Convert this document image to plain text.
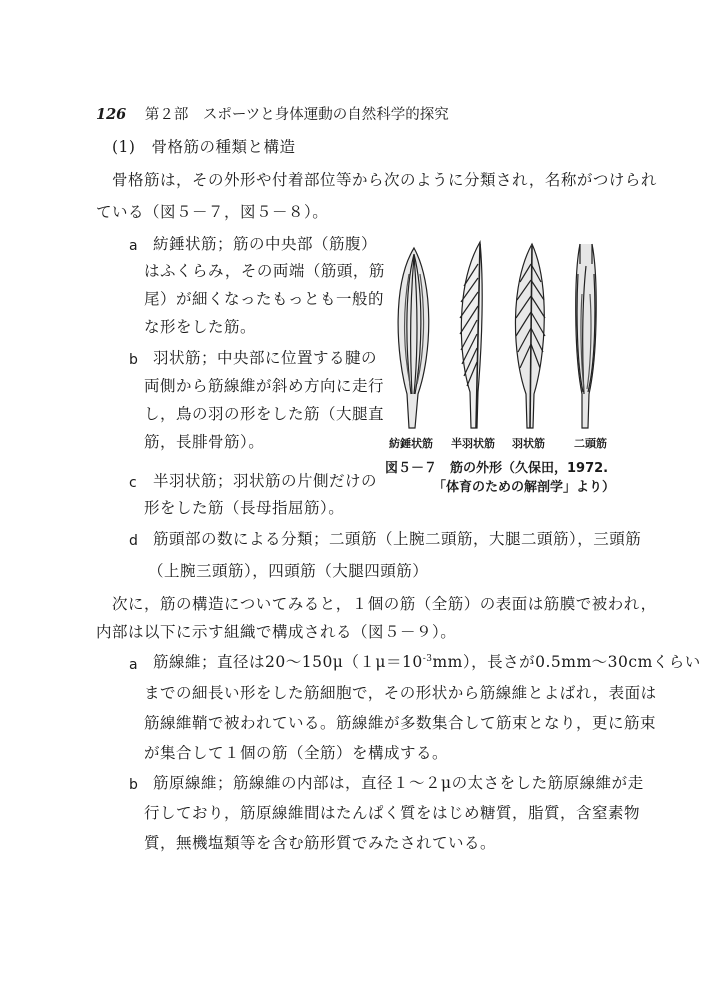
126 第２部　スポーツと身体運動の自然科学的探究
(1)　骨格筋の種類と構造
骨格筋は，その外形や付着部位等から次のように分類され，名称がつけられ
ている（図５－７，図５－８）。
a 紡錘状筋；筋の中央部（筋腹）
はふくらみ，その両端（筋頭，筋
尾）が細くなったもっとも一般的
な形をした筋。
b 羽状筋；中央部に位置する腱の
両側から筋線維が斜め方向に走行
し，鳥の羽の形をした筋（大腿直
筋，長腓骨筋）。
c 半羽状筋；羽状筋の片側だけの
形をした筋（長母指屈筋）。
d 筋頭部の数による分類；二頭筋（上腕二頭筋，大腿二頭筋），三頭筋
（上腕三頭筋），四頭筋（大腿四頭筋）
紡錘状筋 半羽状筋 羽状筋	二頭筋
図５－７　筋の外形（久保田，1972.
「体育のための解剖学」より）
次に，筋の構造についてみると，１個の筋（全筋）の表面は筋膜で被われ，
内部は以下に示す組織で構成される（図５－９）。
a 筋線維；直径は$20\sim 150\mu(1\mu=10^{-3}mm)$，長さが0.5mm～30cmくらい
までの細長い形をした筋細胞で，その形状から筋線維とよばれ，表面は
筋線維鞘で被われている。筋線維が多数集合して筋束となり，更に筋束
が集合して１個の筋（全筋）を構成する。
b 筋原線維；筋線維の内部は，直径１～２μの太さをした筋原線維が走
行しており，筋原線維間はたんぱく質をはじめ糖質，脂質，含窒素物
質，無機塩類等を含む筋形質でみたされている。
